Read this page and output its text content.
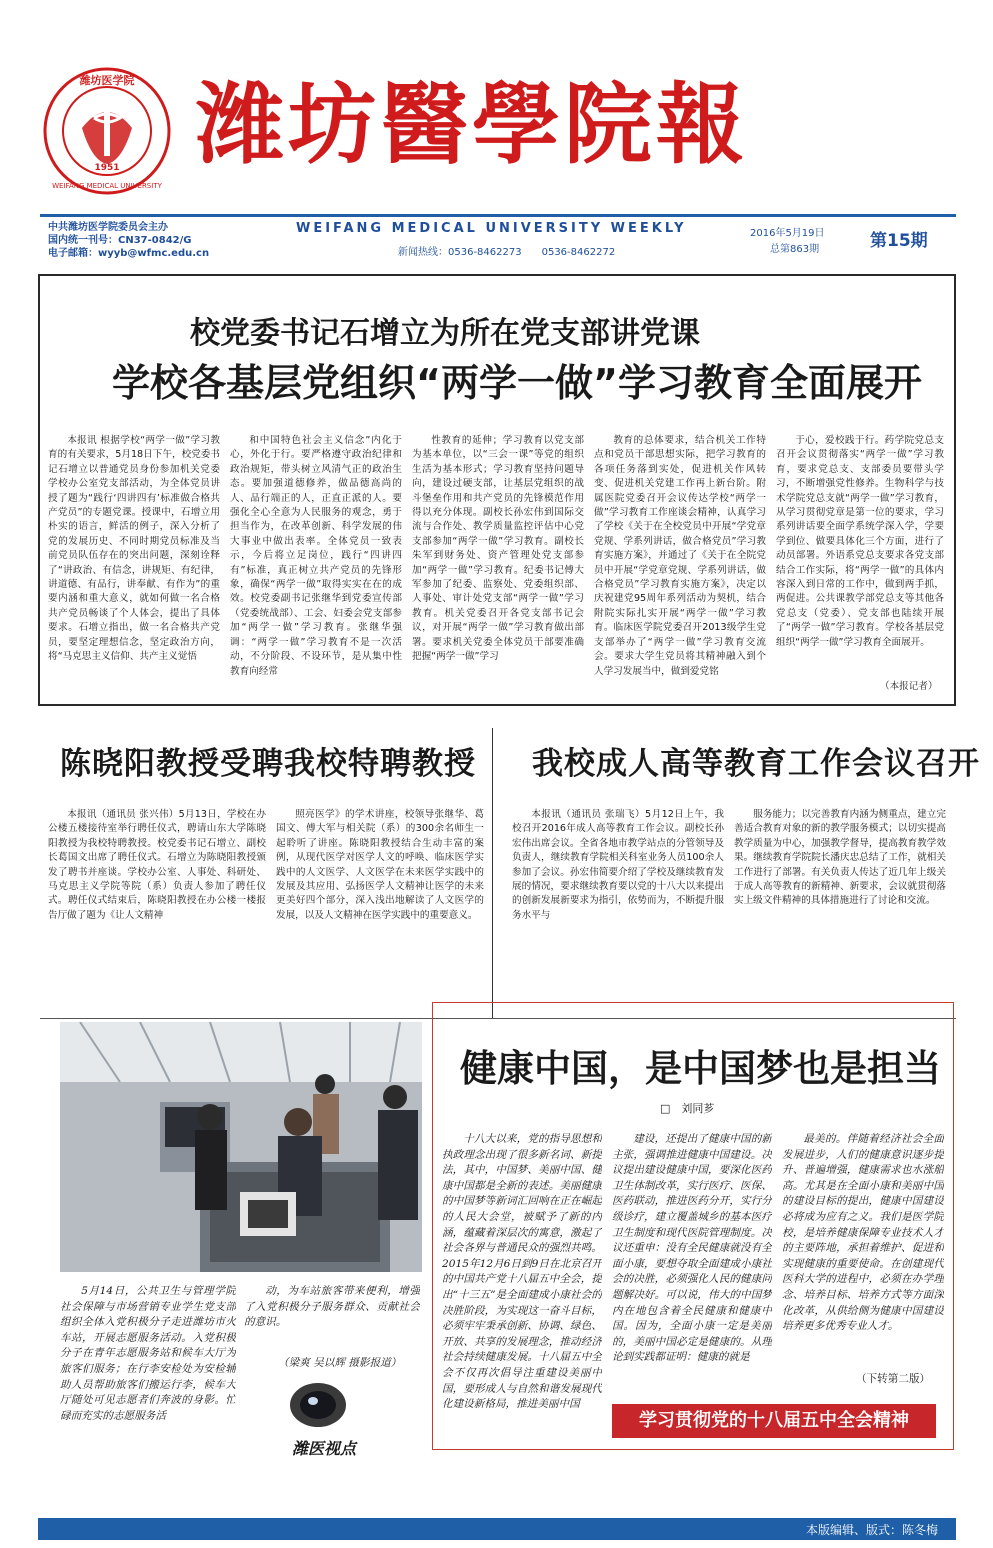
1951
潍坊医学院
WEIFANG MEDICAL UNIVERSITY
潍坊醫學院報
中共潍坊医学院委员会主办
国内统一刊号：CN37-0842/G
电子邮箱：wyyb@wfmc.edu.cn
WEIFANG MEDICAL UNIVERSITY WEEKLY
新闻热线：0536-8462273　　0536-8462272
2016年5月19日
总第863期	第15期
校党委书记石增立为所在党支部讲党课
学校各基层党组织“两学一做”学习教育全面展开

本报讯 根据学校“两学一做”学习教育的有关要求，5月18日下午，校党委书记石增立以普通党员身份参加机关党委学校办公室党支部活动，为全体党员讲授了题为“践行‘四讲四有’标准做合格共产党员”的专题党课。授课中，石增立用朴实的语言，鲜活的例子，深入分析了党的发展历史、不同时期党员标准及当前党员队伍存在的突出问题，深刻诠释了“讲政治、有信念，讲规矩、有纪律，讲道德、有品行，讲奉献、有作为”的重要内涵和重大意义，就如何做一名合格共产党员畅谈了个人体会，提出了具体要求。石增立指出，做一名合格共产党员，要坚定理想信念，坚定政治方向，将“马克思主义信仰、共产主义觉悟

和中国特色社会主义信念”内化于心，外化于行。要严格遵守政治纪律和政治规矩，带头树立风清气正的政治生态。要加强道德修养，做品德高尚的人、品行端正的人，正直正派的人。要强化全心全意为人民服务的观念，勇于担当作为，在改革创新、科学发展的伟大事业中做出表率。全体党员一致表示，今后将立足岗位，践行“四讲四有”标准，真正树立共产党员的先锋形象，确保“两学一做”取得实实在在的成效。校党委副书记张继华到党委宣传部（党委统战部）、工会、妇委会党支部参加“两学一做”学习教育。张继华强调：“两学一做”学习教育不是一次活动，不分阶段、不设环节，是从集中性教育向经常

性教育的延伸；学习教育以党支部为基本单位，以“三会一课”等党的组织生活为基本形式；学习教育坚持问题导向，建设过硬支部，让基层党组织的战斗堡垒作用和共产党员的先锋模范作用得以充分体现。副校长孙宏伟到国际交流与合作处、教学质量监控评估中心党支部参加“两学一做”学习教育。副校长朱军到财务处、资产管理处党支部参加“两学一做”学习教育。纪委书记傅大军参加了纪委、监察处、党委组织部、人事处、审计处党支部“两学一做”学习教育。机关党委召开各党支部书记会议，对开展“两学一做”学习教育做出部署。要求机关党委全体党员干部要准确把握“两学一做”学习

教育的总体要求，结合机关工作特点和党员干部思想实际，把学习教育的各项任务落到实处，促进机关作风转变、促进机关党建工作再上新台阶。附属医院党委召开会议传达学校“两学一做”学习教育工作座谈会精神，认真学习了学校《关于在全校党员中开展“学党章党规、学系列讲话，做合格党员”学习教育实施方案》，并通过了《关于在全院党员中开展“学党章党规、学系列讲话，做合格党员”学习教育实施方案》，决定以庆祝建党95周年系列活动为契机，结合附院实际扎实开展“两学一做”学习教育。临床医学院党委召开2013级学生党支部举办了“两学一做”学习教育交流会。要求大学生党员将其精神融入到个人学习发展当中，做到爱党铭

于心，爱校践于行。药学院党总支召开会议贯彻落实“两学一做”学习教育，要求党总支、支部委员要带头学习，不断增强党性修养。生物科学与技术学院党总支就“两学一做”学习教育，从学习贯彻党章是第一位的要求，学习系列讲话要全面学系统学深入学，学要学到位、做要具体化三个方面，进行了动员部署。外语系党总支要求各党支部结合工作实际，将“两学一做”的具体内容深入到日常的工作中，做到两手抓，两促进。公共课教学部党总支等其他各党总支（党委）、党支部也陆续开展了“两学一做”学习教育。学校各基层党组织“两学一做”学习教育全面展开。

（本报记者）
陈晓阳教授受聘我校特聘教授

本报讯（通讯员 张兴伟）5月13日，学校在办公楼五楼接待室举行聘任仪式，聘请山东大学陈晓阳教授为我校特聘教授。校党委书记石增立、副校长葛国文出席了聘任仪式。石增立为陈晓阳教授颁发了聘书并座谈。学校办公室、人事处、科研处、马克思主义学院等院（系）负责人参加了聘任仪式。聘任仪式结束后，陈晓阳教授在办公楼一楼报告厅做了题为《让人文精神

照亮医学》的学术讲座，校领导张继华、葛国文、傅大军与相关院（系）的300余名师生一起聆听了讲座。陈晓阳教授结合生动丰富的案例，从现代医学对医学人文的呼唤、临床医学实践中的人文医学、人文医学在未来医学实践中的发展及其应用、弘扬医学人文精神让医学的未来更美好四个部分，深入浅出地解读了人文医学的发展，以及人文精神在医学实践中的重要意义。

我校成人高等教育工作会议召开

本报讯（通讯员 张瑞飞）5月12日上午，我校召开2016年成人高等教育工作会议。副校长孙宏伟出席会议。全省各地市教学站点的分管领导及负责人，继续教育学院相关科室业务人员100余人参加了会议。孙宏伟简要介绍了学校及继续教育发展的情况，要求继续教育要以党的十八大以来提出的创新发展新要求为指引，依势而为，不断提升服务水平与

服务能力；以完善教育内涵为侧重点，建立完善适合教育对象的新的教学服务模式；以切实提高教学质量为中心，加强教学督导，提高教育教学效果。继续教育学院院长潘庆忠总结了工作，就相关工作进行了部署。有关负责人传达了近几年上级关于成人高等教育的新精神、新要求，会议就贯彻落实上级文件精神的具体措施进行了讨论和交流。

5月14日，公共卫生与管理学院社会保障与市场营销专业学生党支部组织全体入党积极分子走进潍坊市火车站，开展志愿服务活动。入党积极分子在青年志愿服务站和候车大厅为旅客们服务；在行李安检处为安检辅助人员帮助旅客们搬运行李，候车大厅随处可见志愿者们奔波的身影。忙碌而充实的志愿服务活

动，为车站旅客带来便利，增强了入党积极分子服务群众、贡献社会的意识。

（梁爽 吴以辉 摄影报道）
潍医视点
健康中国，是中国梦也是担当
□　刘同芗

十八大以来，党的指导思想和执政理念出现了很多新名词、新提法，其中，中国梦、美丽中国、健康中国都是全新的表述。美丽健康的中国梦等新词汇回响在正在崛起的人民大会堂，被赋予了新的内涵，蕴藏着深层次的寓意，激起了社会各界与普通民众的强烈共鸣。2015年12月6日到9日在北京召开的中国共产党十八届五中全会，提出“十三五”是全面建成小康社会的决胜阶段，为实现这一奋斗目标，必须牢牢秉承创新、协调、绿色、开放、共享的发展理念，推动经济社会持续健康发展。十八届五中全会不仅再次倡导注重建设美丽中国，要形成人与自然和谐发展现代化建设新格局，推进美丽中国

建设，还提出了健康中国的新主张，强调推进健康中国建设。决议提出建设健康中国，要深化医药卫生体制改革，实行医疗、医保、医药联动，推进医药分开，实行分级诊疗，建立覆盖城乡的基本医疗卫生制度和现代医院管理制度。决议还重申：没有全民健康就没有全面小康，要想夺取全面建成小康社会的决胜，必须强化人民的健康问题解决好。可以说，伟大的中国梦内在地包含着全民健康和健康中国。因为，全面小康一定是美丽的，美丽中国必定是健康的。从理论到实践都证明：健康的就是

最美的。伴随着经济社会全面发展进步，人们的健康意识逐步提升、普遍增强，健康需求也水涨船高。尤其是在全面小康和美丽中国的建设目标的提出，健康中国建设必将成为应有之义。我们是医学院校，是培养健康保障专业技术人才的主要阵地，承担着维护、促进和实现健康的重要使命。在创建现代医科大学的进程中，必须在办学理念、培养目标、培养方式等方面深化改革，从供给侧为健康中国建设培养更多优秀专业人才。

（下转第二版）
学习贯彻党的十八届五中全会精神
本版编辑、版式：陈冬梅
